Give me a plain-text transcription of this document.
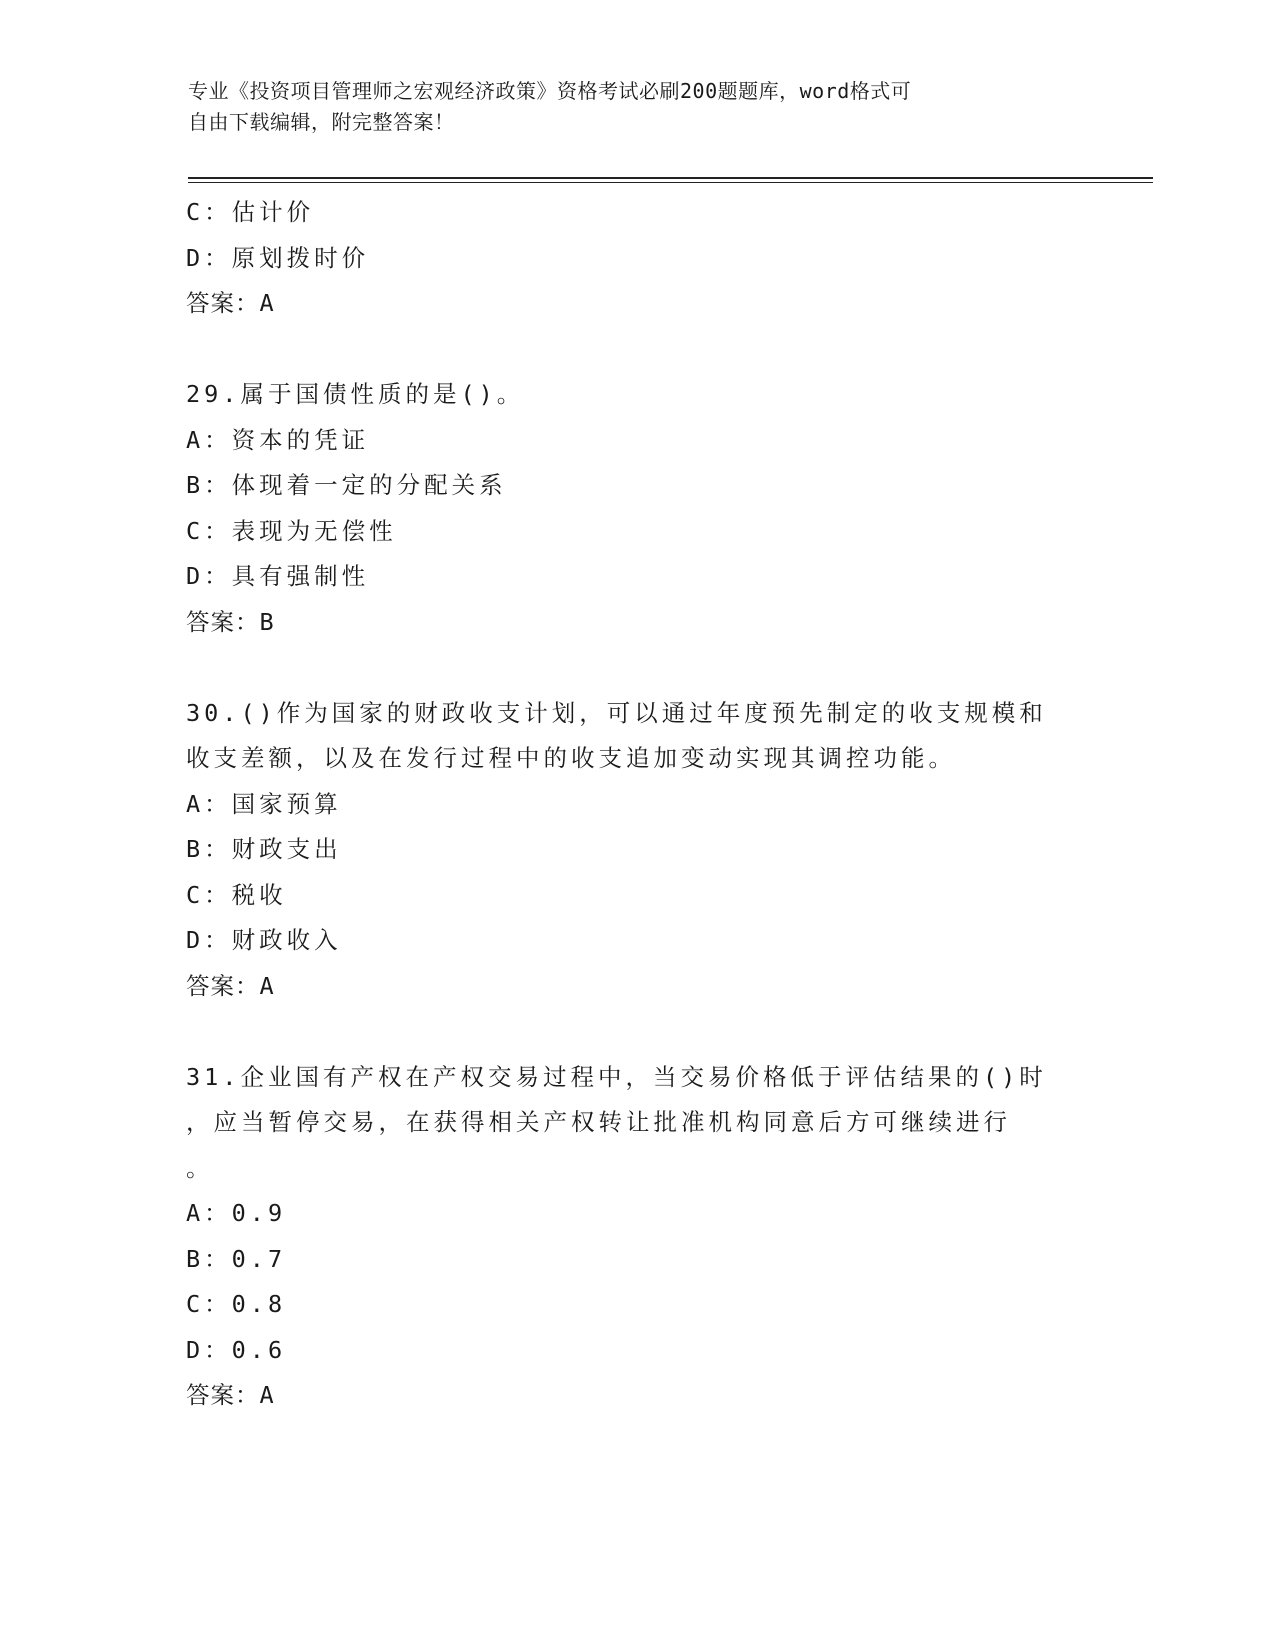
专业《投资项目管理师之宏观经济政策》资格考试必刷200题题库，word格式可
自由下载编辑，附完整答案！
C：估计价
D：原划拨时价
答案：A
29.属于国债性质的是()。
A：资本的凭证
B：体现着一定的分配关系
C：表现为无偿性
D：具有强制性
答案：B
30.()作为国家的财政收支计划，可以通过年度预先制定的收支规模和
收支差额，以及在发行过程中的收支追加变动实现其调控功能。
A：国家预算
B：财政支出
C：税收
D：财政收入
答案：A
31.企业国有产权在产权交易过程中，当交易价格低于评估结果的()时
，应当暂停交易，在获得相关产权转让批准机构同意后方可继续进行
。
A：0.9
B：0.7
C：0.8
D：0.6
答案：A
